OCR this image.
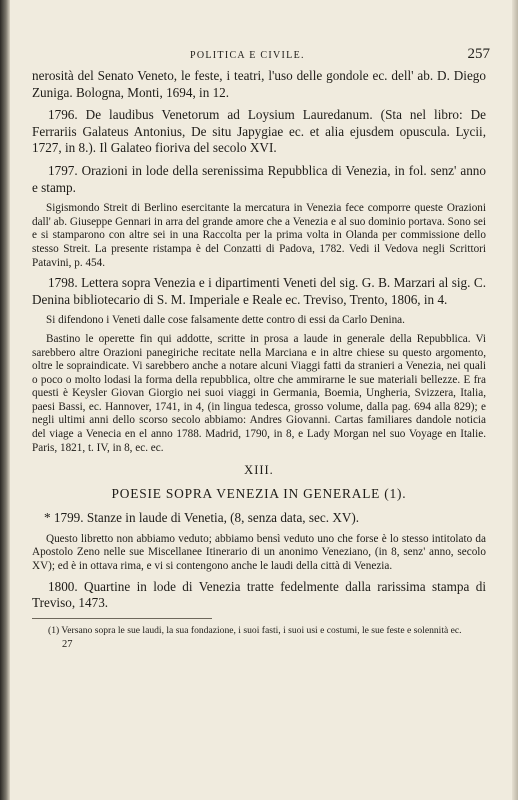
POLITICA E CIVILE.	257

nerosità del Senato Veneto, le feste, i teatri, l'uso delle gondole ec. dell' ab. D. Diego Zuniga. Bologna, Monti, 1694, in 12.

1796. De laudibus Venetorum ad Loysium Lauredanum. (Sta nel libro: De Ferrariis Galateus Antonius, De situ Japygiae ec. et alia ejusdem opuscula. Lycii, 1727, in 8.). Il Galateo fioriva del secolo XVI.

1797. Orazioni in lode della serenissima Repubblica di Venezia, in fol. senz' anno e stamp.

Sigismondo Streit di Berlino esercitante la mercatura in Venezia fece comporre queste Orazioni dall' ab. Giuseppe Gennari in arra del grande amore che a Venezia e al suo dominio portava. Sono sei e si stamparono con altre sei in una Raccolta per la prima volta in Olanda per commissione dello stesso Streit. La presente ristampa è del Conzatti di Padova, 1782. Vedi il Vedova negli Scrittori Patavini, p. 454.

1798. Lettera sopra Venezia e i dipartimenti Veneti del sig. G. B. Marzari al sig. C. Denina bibliotecario di S. M. Imperiale e Reale ec. Treviso, Trento, 1806, in 4.

Si difendono i Veneti dalle cose falsamente dette contro di essi da Carlo Denina.

Bastino le operette fin qui addotte, scritte in prosa a laude in generale della Repubblica. Vi sarebbero altre Orazioni panegiriche recitate nella Marciana e in altre chiese su questo argomento, oltre le sopraindicate. Vi sarebbero anche a notare alcuni Viaggi fatti da stranieri a Venezia, nei quali o poco o molto lodasi la forma della repubblica, oltre che ammirarne le sue materiali bellezze. E fra questi è Keysler Giovan Giorgio nei suoi viaggi in Germania, Boemia, Ungheria, Svizzera, Italia, paesi Bassi, ec. Hannover, 1741, in 4, (in lingua tedesca, grosso volume, dalla pag. 694 alla 829); e negli ultimi anni dello scorso secolo abbiamo: Andres Giovanni. Cartas familiares dandole noticia del viage a Venecia en el anno 1788. Madrid, 1790, in 8, e Lady Morgan nel suo Voyage en Italie. Paris, 1821, t. IV, in 8, ec. ec.

XIII.
POESIE SOPRA VENEZIA IN GENERALE (1).

* 1799. Stanze in laude di Venetia, (8, senza data, sec. XV).

Questo libretto non abbiamo veduto; abbiamo bensì veduto uno che forse è lo stesso intitolato da Apostolo Zeno nelle sue Miscellanee Itinerario di un anonimo Veneziano, (in 8, senz' anno, secolo XV); ed è in ottava rima, e vi si contengono anche le laudi della città di Venezia.

1800. Quartine in lode di Venezia tratte fedelmente dalla rarissima stampa di Treviso, 1473.

(1) Versano sopra le sue laudi, la sua fondazione, i suoi fasti, i suoi usi e costumi, le sue feste e solennità ec.

27
